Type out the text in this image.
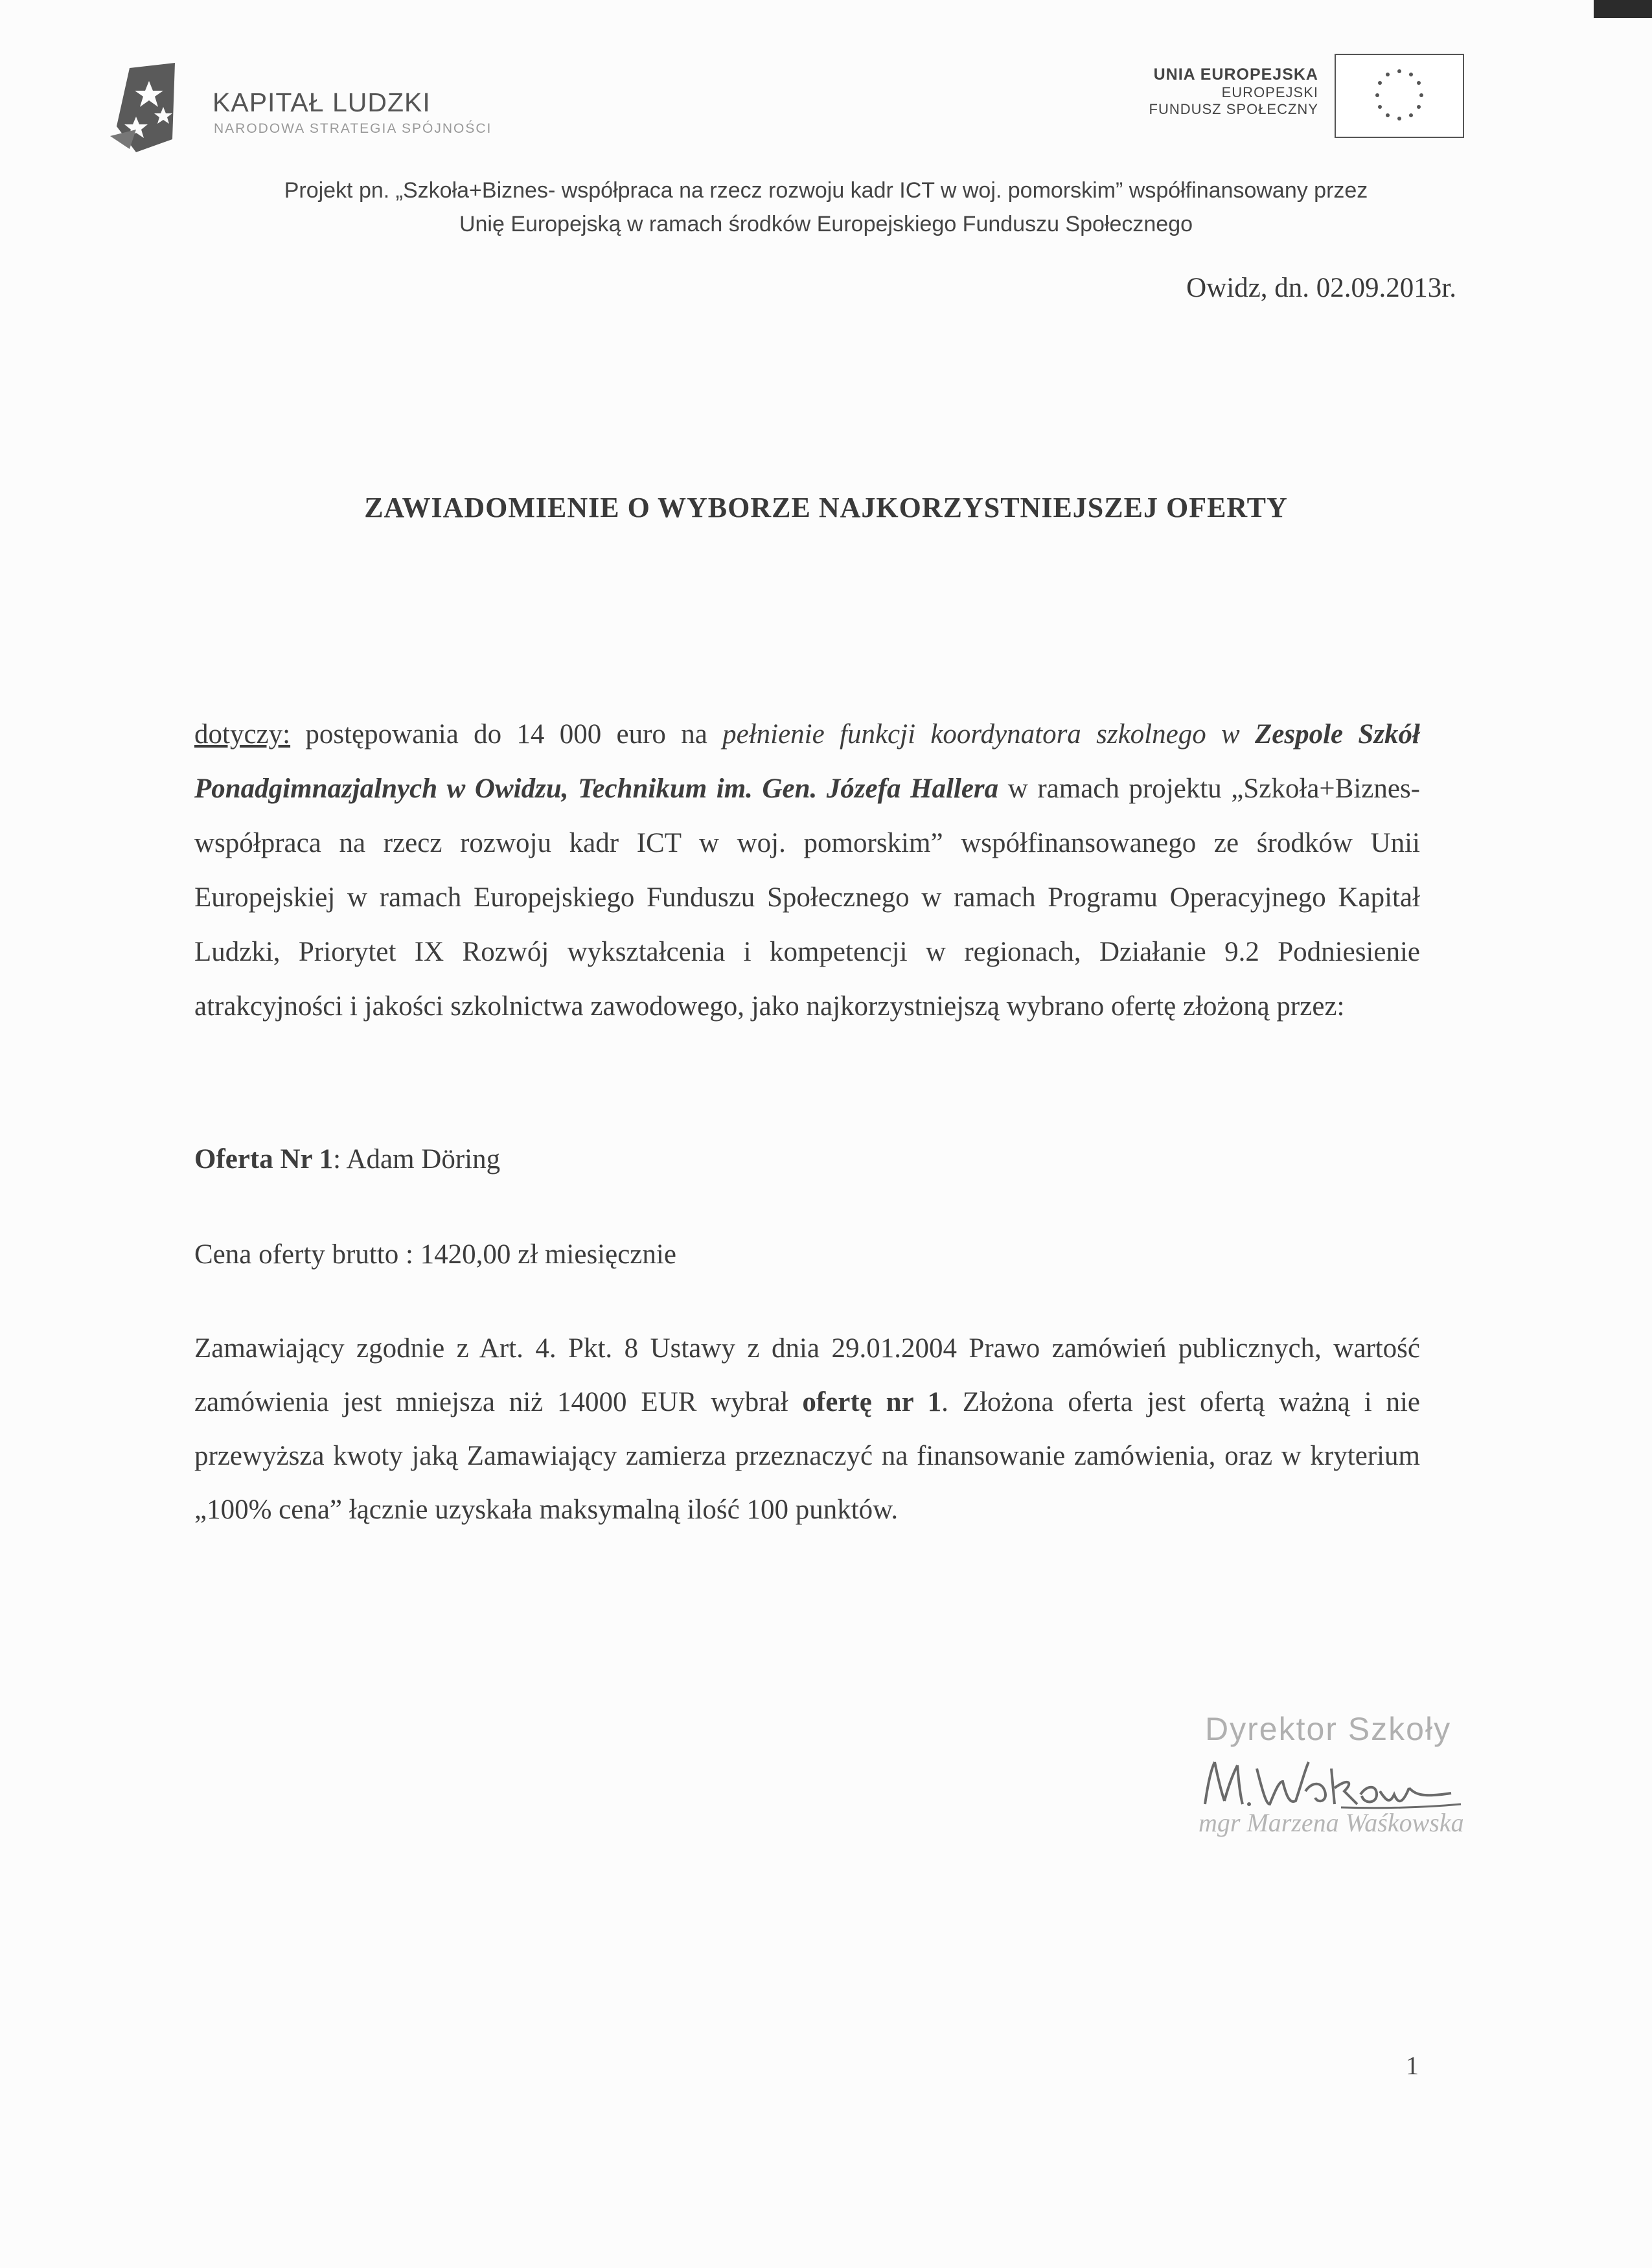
KAPITAŁ LUDZKI
NARODOWA STRATEGIA SPÓJNOŚCI
UNIA EUROPEJSKA
EUROPEJSKI
FUNDUSZ SPOŁECZNY
Projekt pn. „Szkoła+Biznes- współpraca na rzecz rozwoju kadr ICT w woj. pomorskim” współfinansowany przez
Unię Europejską w ramach środków Europejskiego Funduszu Społecznego
Owidz, dn. 02.09.2013r.
ZAWIADOMIENIE O WYBORZE NAJKORZYSTNIEJSZEJ OFERTY
dotyczy: postępowania do 14 000 euro na pełnienie funkcji koordynatora szkolnego w Zespole Szkół Ponadgimnazjalnych w Owidzu, Technikum im. Gen. Józefa Hallera w ramach projektu „Szkoła+Biznes- współpraca na rzecz rozwoju kadr ICT w woj. pomorskim” współfinansowanego ze środków Unii Europejskiej w ramach Europejskiego Funduszu Społecznego w ramach Programu Operacyjnego Kapitał Ludzki, Priorytet IX Rozwój wykształcenia i kompetencji w regionach, Działanie 9.2 Podniesienie atrakcyjności i jakości szkolnictwa zawodowego, jako najkorzystniejszą wybrano ofertę złożoną przez:
Oferta Nr 1: Adam Döring
Cena oferty brutto : 1420,00 zł miesięcznie
Zamawiający zgodnie z Art. 4. Pkt. 8 Ustawy z dnia 29.01.2004 Prawo zamówień publicznych, wartość zamówienia jest mniejsza niż 14000 EUR wybrał ofertę nr 1. Złożona oferta jest ofertą ważną i nie przewyższa kwoty jaką Zamawiający zamierza przeznaczyć na finansowanie zamówienia, oraz w kryterium „100% cena” łącznie uzyskała maksymalną ilość 100 punktów.
Dyrektor Szkoły
mgr Marzena Waśkowska
1
